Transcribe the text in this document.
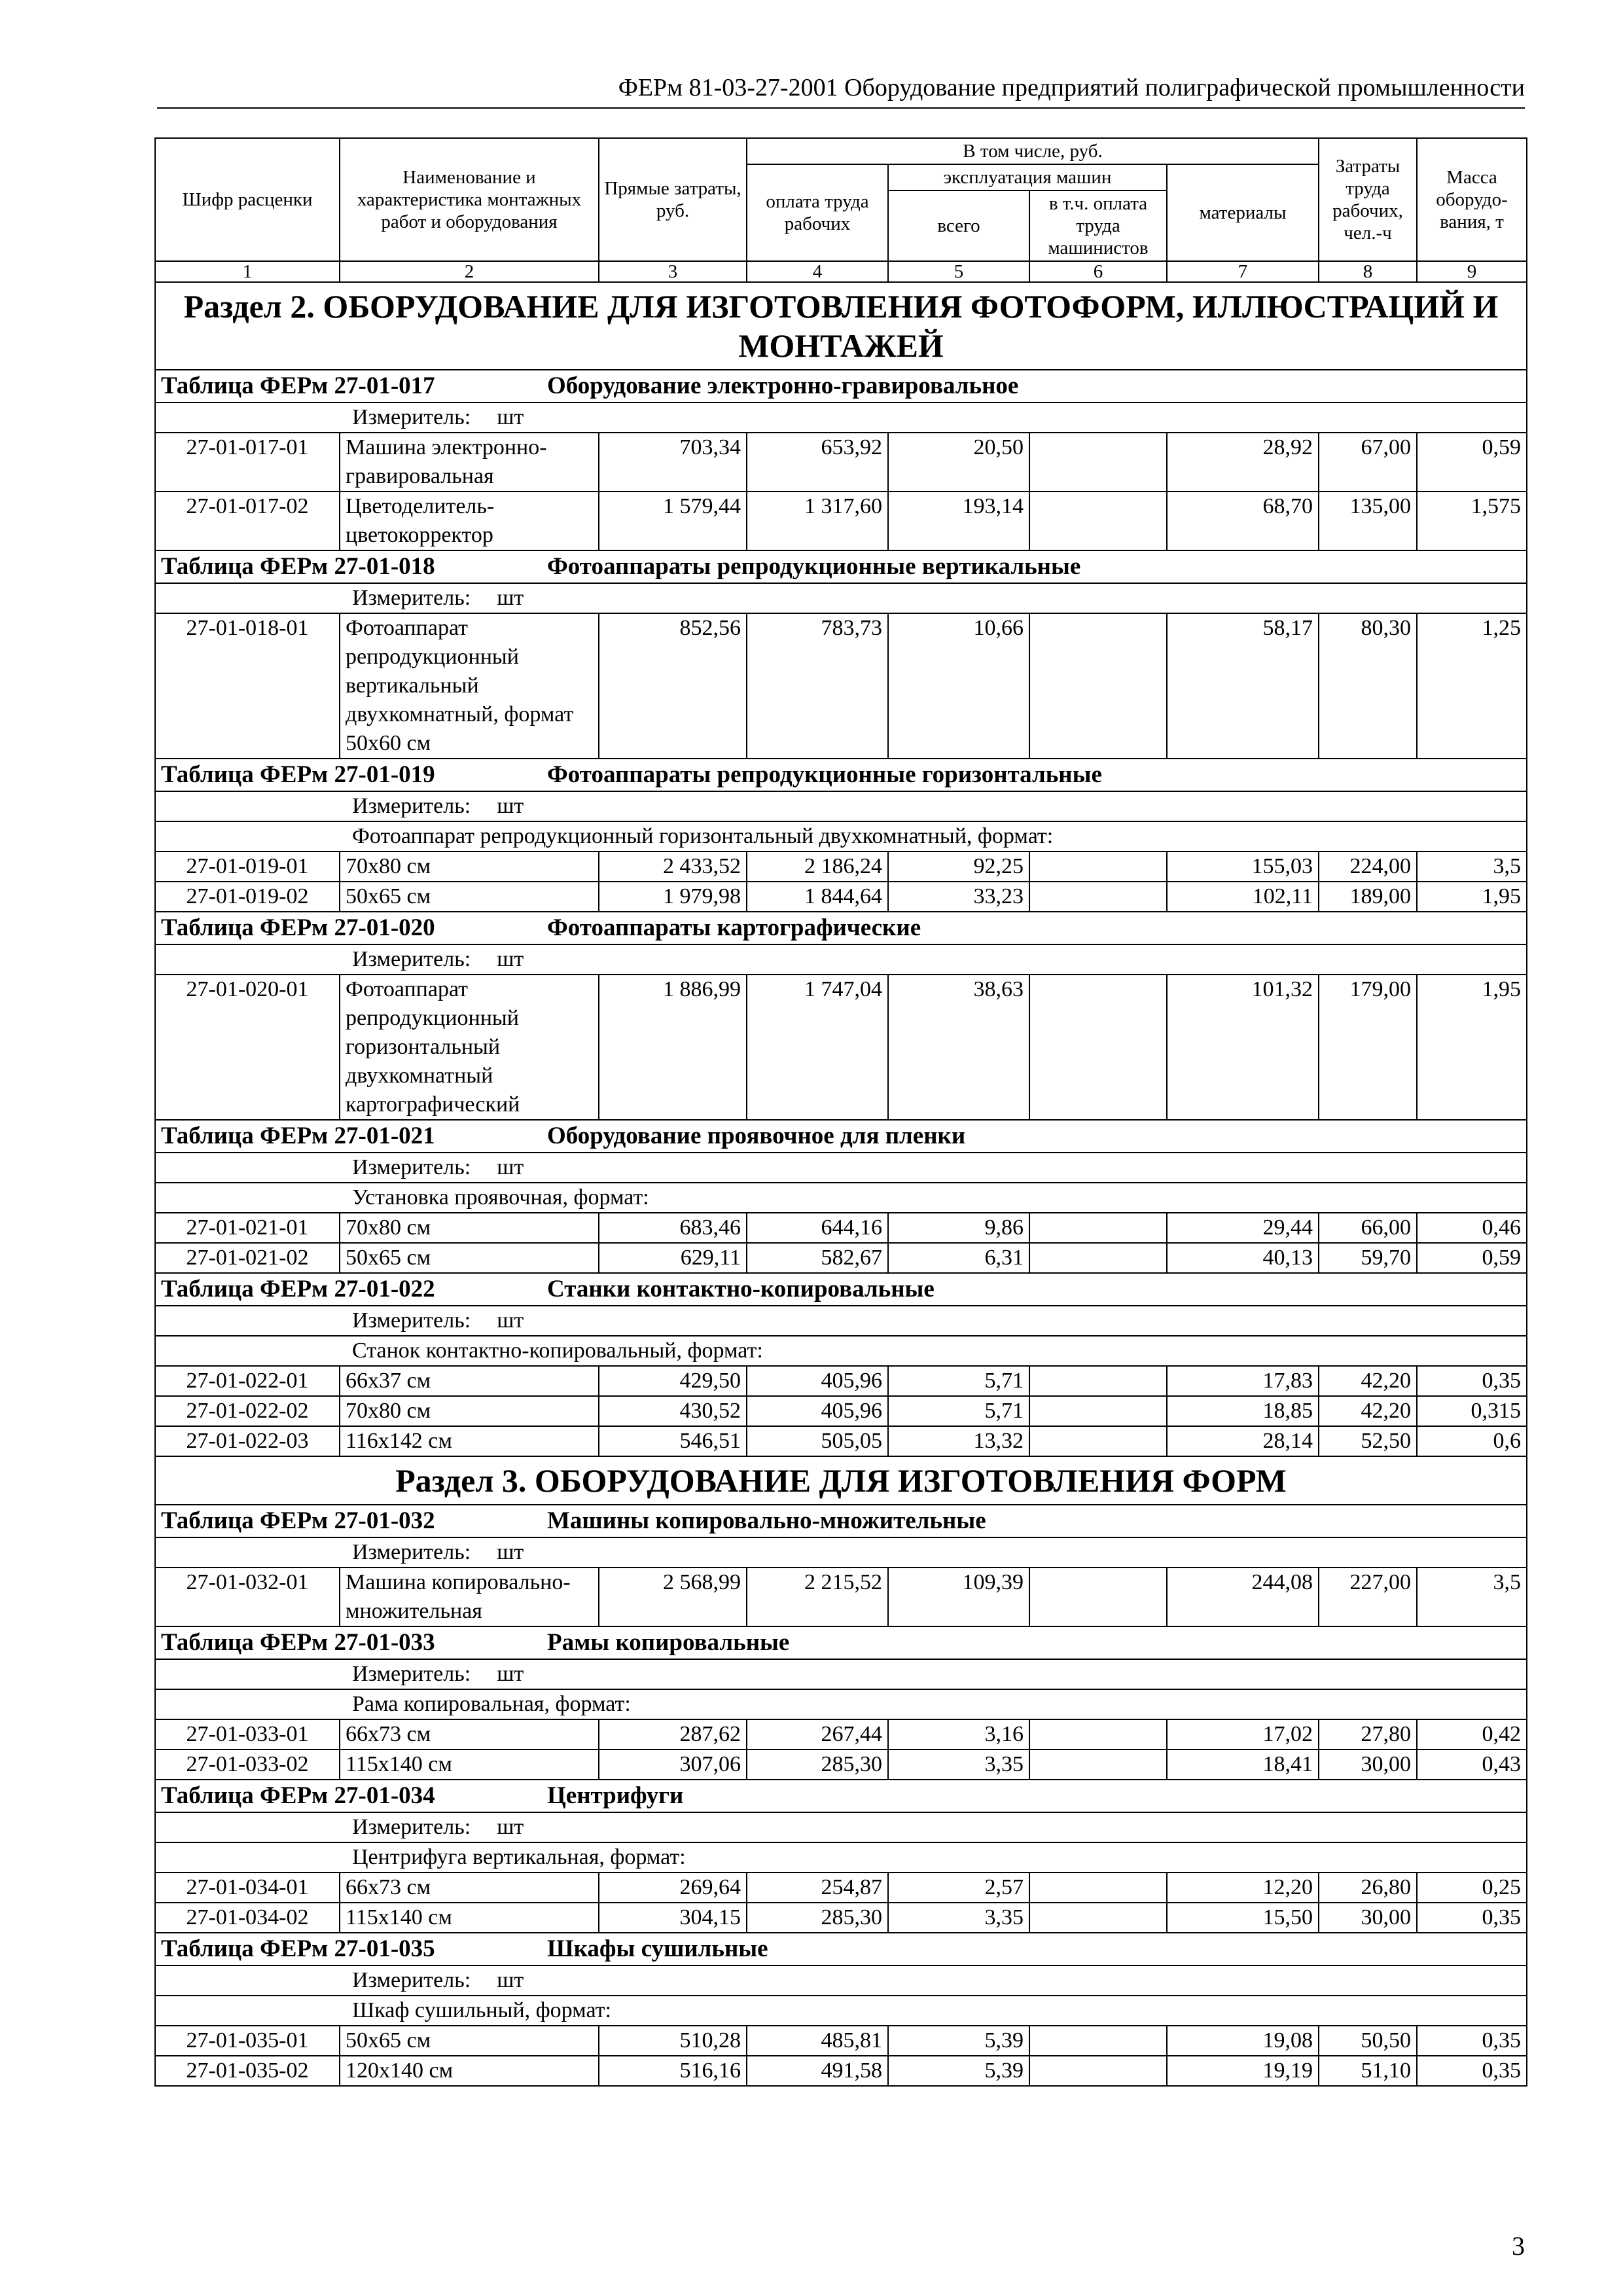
ФЕРм 81-03-27-2001 Оборудование предприятий полиграфической промышленности
Шифр расценки	Наименование и характеристика монтажных работ и оборудования	Прямые затраты, руб.	В том числе, руб.				Затраты труда рабочих, чел.-ч	Масса оборудо-вания, т
			оплата труда рабочих	эксплуатация машин		материалы		
				всего	в т.ч. оплата труда машинистов			
1	2	3	4	5	6	7	8	9
Раздел 2. ОБОРУДОВАНИЕ ДЛЯ ИЗГОТОВЛЕНИЯ ФОТОФОРМ, ИЛЛЮСТРАЦИЙ И МОНТАЖЕЙ								
Таблица ФЕРм 27-01-017 Оборудование электронно-гравировальное								
Измеритель: шт								
27-01-017-01	Машина электронно-гравировальная	703,34	653,92	20,50		28,92	67,00	0,59
27-01-017-02	Цветоделитель-цветокорректор	1 579,44	1 317,60	193,14		68,70	135,00	1,575
Таблица ФЕРм 27-01-018 Фотоаппараты репродукционные вертикальные								
Измеритель: шт								
27-01-018-01	Фотоаппарат репродукционный вертикальный двухкомнатный, формат 50х60 см	852,56	783,73	10,66		58,17	80,30	1,25
Таблица ФЕРм 27-01-019 Фотоаппараты репродукционные горизонтальные								
Измеритель: шт								
Фотоаппарат репродукционный горизонтальный двухкомнатный, формат:								
27-01-019-01	70х80 см	2 433,52	2 186,24	92,25		155,03	224,00	3,5
27-01-019-02	50х65 см	1 979,98	1 844,64	33,23		102,11	189,00	1,95
Таблица ФЕРм 27-01-020 Фотоаппараты картографические								
Измеритель: шт								
27-01-020-01	Фотоаппарат репродукционный горизонтальный двухкомнатный картографический	1 886,99	1 747,04	38,63		101,32	179,00	1,95
Таблица ФЕРм 27-01-021 Оборудование проявочное для пленки								
Измеритель: шт								
Установка проявочная, формат:								
27-01-021-01	70х80 см	683,46	644,16	9,86		29,44	66,00	0,46
27-01-021-02	50х65 см	629,11	582,67	6,31		40,13	59,70	0,59
Таблица ФЕРм 27-01-022 Станки контактно-копировальные								
Измеритель: шт								
Станок контактно-копировальный, формат:								
27-01-022-01	66х37 см	429,50	405,96	5,71		17,83	42,20	0,35
27-01-022-02	70х80 см	430,52	405,96	5,71		18,85	42,20	0,315
27-01-022-03	116х142 см	546,51	505,05	13,32		28,14	52,50	0,6
Раздел 3. ОБОРУДОВАНИЕ ДЛЯ ИЗГОТОВЛЕНИЯ ФОРМ								
Таблица ФЕРм 27-01-032 Машины копировально-множительные								
Измеритель: шт								
27-01-032-01	Машина копировально-множительная	2 568,99	2 215,52	109,39		244,08	227,00	3,5
Таблица ФЕРм 27-01-033 Рамы копировальные								
Измеритель: шт								
Рама копировальная, формат:								
27-01-033-01	66х73 см	287,62	267,44	3,16		17,02	27,80	0,42
27-01-033-02	115х140 см	307,06	285,30	3,35		18,41	30,00	0,43
Таблица ФЕРм 27-01-034 Центрифуги								
Измеритель: шт								
Центрифуга вертикальная, формат:								
27-01-034-01	66х73 см	269,64	254,87	2,57		12,20	26,80	0,25
27-01-034-02	115х140 см	304,15	285,30	3,35		15,50	30,00	0,35
Таблица ФЕРм 27-01-035 Шкафы сушильные								
Измеритель: шт								
Шкаф сушильный, формат:								
27-01-035-01	50х65 см	510,28	485,81	5,39		19,08	50,50	0,35
27-01-035-02	120х140 см	516,16	491,58	5,39		19,19	51,10	0,35
3
